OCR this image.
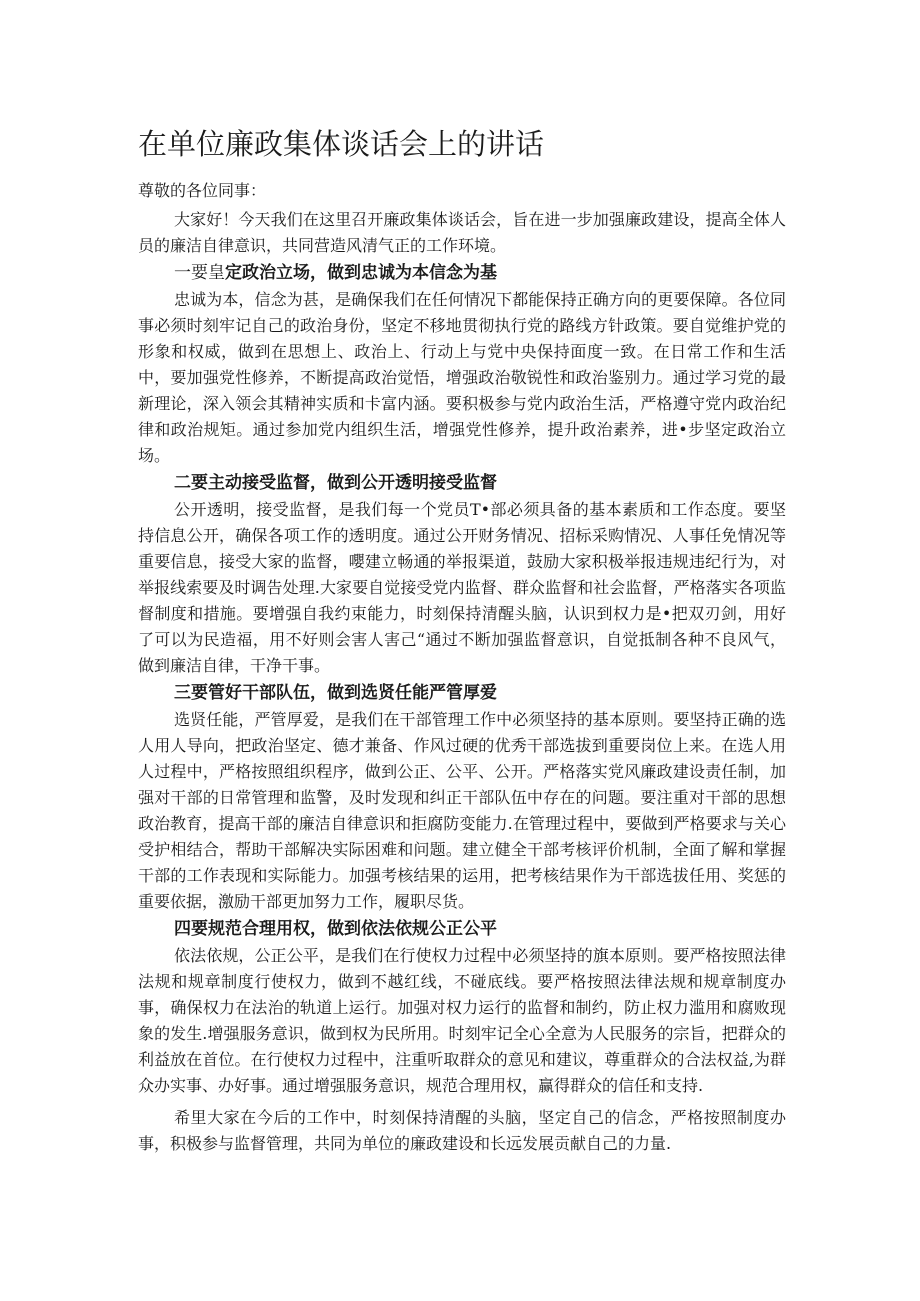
在单位廉政集体谈话会上的讲话

尊敬的各位同事：

大家好！今天我们在这里召开廉政集体谈话会，旨在进一步加强廉政建设，提高全体人员的廉洁自律意识，共同营造风清气正的工作环境。

一要皇定政治立场，做到忠诚为本信念为基

忠诚为本，信念为甚，是确保我们在任何情况下都能保持正确方向的更要保障。各位同事必须时刻牢记自己的政治身份，坚定不移地贯彻执行党的路线方针政策。要自觉维护党的形象和权威，做到在思想上、政治上、行动上与党中央保持面度一致。在日常工作和生活中，要加强党性修养，不断提高政治觉悟，增强政治敬锐性和政治鉴别力。通过学习党的最新理论，深入领会其精神实质和卡富内涵。要积极参与党内政治生活，严格遵守党内政治纪律和政治规矩。通过参加党内组织生活，增强党性修养，提升政治素养，进•步坚定政治立场。

二要主动接受监督，做到公开透明接受监督

公开透明，接受监督，是我们每一个党员T•部必须具备的基本素质和工作态度。要坚持信息公开，确保各项工作的透明度。通过公开财务情况、招标采购情况、人事任免情况等重要信息，接受大家的监督，嚶建立畅通的举报渠道，鼓励大家积极举报违规违纪行为，对举报线索要及时调告处理.大家要自觉接受党内监督、群众监督和社会监督，严格落实各项监督制度和措施。要增强自我约束能力，时刻保持清醒头脑，认识到权力是•把双刃剑，用好了可以为民造福，用不好则会害人害己“通过不断加强监督意识，自觉抵制各种不良风气，做到廉洁自律，干净干事。

三要管好干部队伍，做到选贤任能严管厚爱

选贤任能，严管厚爱，是我们在干部管理工作中必须坚持的基本原则。要坚持正确的选人用人导向，把政治坚定、德才兼备、作风过硬的优秀干部选拔到重要岗位上来。在选人用人过程中，严格按照组织程序，做到公正、公平、公开。严格落实党风廉政建设责任制，加强对干部的日常管理和监警，及时发现和纠正干部队伍中存在的问题。要注重对干部的思想政治教育，提高干部的廉洁自律意识和拒腐防变能力.在管理过程中，要做到严格要求与关心受护相结合，帮助干部解决实际困难和问题。建立健全干部考核评价机制，全面了解和掌握干部的工作表现和实际能力。加强考核结果的运用，把考核结果作为干部选拔任用、奖惩的重要依据，激励干部更加努力工作，履职尽货。

四要规范合理用权，做到依法依规公正公平

依法依规，公正公平，是我们在行使权力过程中必须坚持的旗本原则。要严格按照法律法规和规章制度行使权力，做到不越红线，不碰底线。要严格按照法律法规和规章制度办事，确保权力在法治的轨道上运行。加强对权力运行的监督和制约，防止权力滥用和腐败现象的发生.增强服务意识，做到权为民所用。时刻牢记全心全意为人民服务的宗旨，把群众的利益放在首位。在行使权力过程中，注重听取群众的意见和建议，尊重群众的合法权益,为群众办实事、办好事。通过增强服务意识，规范合理用权，赢得群众的信任和支持.

希里大家在今后的工作中，时刻保持清醒的头脑，坚定自己的信念，严格按照制度办事，积极参与监督管理，共同为单位的廉政建设和长远发展贡献自己的力量.
